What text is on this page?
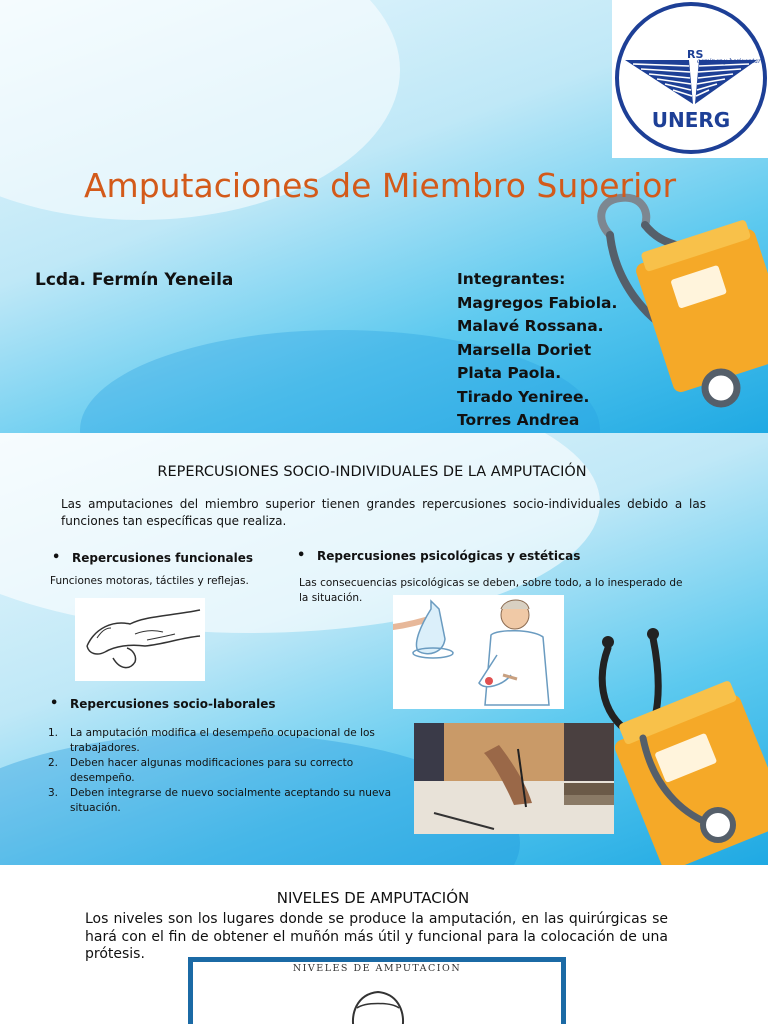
RS
caminar y horizontar
UNERG
Amputaciones de Miembro Superior
Lcda. Fermín Yeneila	Integrantes:
Magregos Fabiola.
Malavé Rossana.
Marsella Doriet
Plata Paola.
Tirado Yeniree.
Torres Andrea
REPERCUSIONES SOCIO-INDIVIDUALES DE LA AMPUTACIÓN
Las amputaciones del miembro superior tienen grandes repercusiones socio-individuales debido a las funciones tan específicas que realiza.
• Repercusiones funcionales
Funciones motoras, táctiles y reflejas.
• Repercusiones psicológicas y estéticas
Las consecuencias psicológicas se deben, sobre todo, a lo inesperado de la situación.
• Repercusiones socio-laborales
1.	La amputación modifica el desempeño ocupacional de los trabajadores.
2.	Deben hacer algunas modificaciones para su correcto desempeño.
3.	Deben integrarse de nuevo socialmente aceptando su nueva situación.
NIVELES DE AMPUTACIÓN
Los niveles son los lugares donde se produce la amputación, en las quirúrgicas se hará con el fin de obtener el muñón más útil y funcional para la colocación de una prótesis.
NIVELES DE AMPUTACION
